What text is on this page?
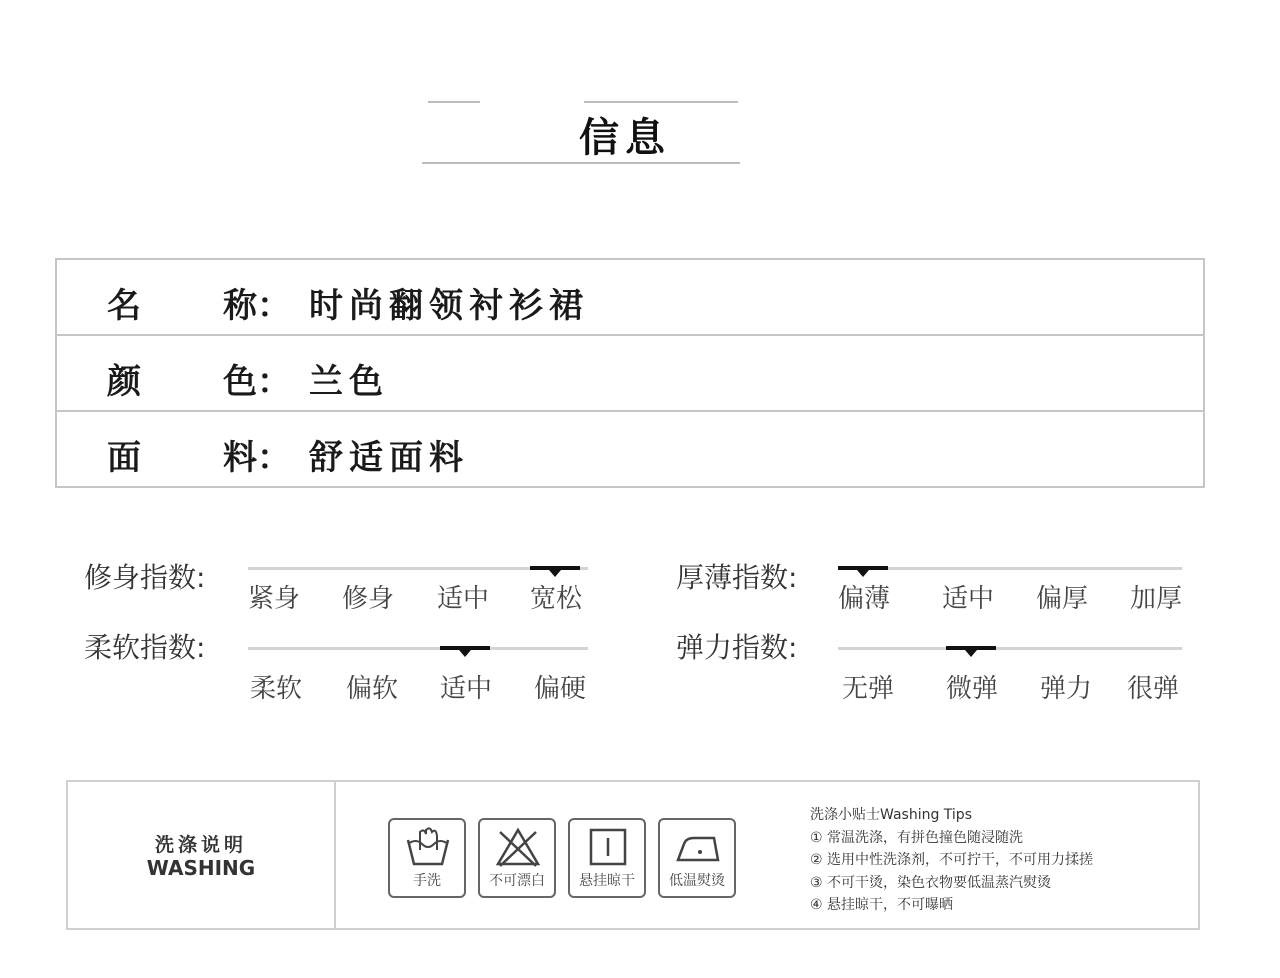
信息
名 称： 时尚翻领衬衫裙
颜 色： 兰色
面 料： 舒适面料
修身指数:
紧身 修身 适中 宽松
厚薄指数:
偏薄 适中 偏厚 加厚
柔软指数:
柔软 偏软 适中 偏硬
弹力指数:
无弹 微弹 弹力 很弹
洗涤说明
WASHING
手洗	不可漂白	悬挂晾干	低温熨烫
洗涤小贴士Washing Tips
① 常温洗涤，有拼色撞色随浸随洗
② 选用中性洗涤剂，不可拧干，不可用力揉搓
③ 不可干烫，染色衣物要低温蒸汽熨烫
④ 悬挂晾干，不可曝晒
